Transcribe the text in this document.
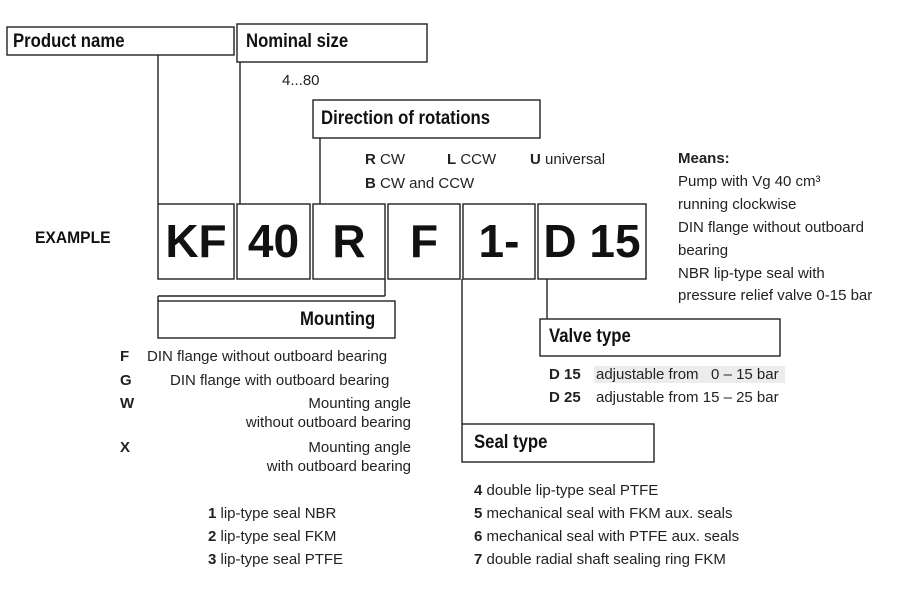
Product name	Nominal size
4...80
Direction of rotations
R CW	L CCW U universal
B CW and CCW
Means:
Pump with Vg 40 cm³
running clockwise
DIN flange without outboard
bearing
NBR lip-type seal with
pressure relief valve 0-15 bar
EXAMPLE KF 40 R F 1- D 15
Mounting
F DIN flange without outboard bearing
G	DIN flange with outboard bearing
W	Mounting angle
without outboard bearing
X	Mounting angle
with outboard bearing
1 lip-type seal NBR
2 lip-type seal FKM
3 lip-type seal PTFE
Seal type
4 double lip-type seal PTFE
5 mechanical seal with FKM aux. seals
6 mechanical seal with PTFE aux. seals
7 double radial shaft sealing ring FKM
Valve type
D 15 adjustable from   0 – 15 bar
D 25 adjustable from 15 – 25 bar
